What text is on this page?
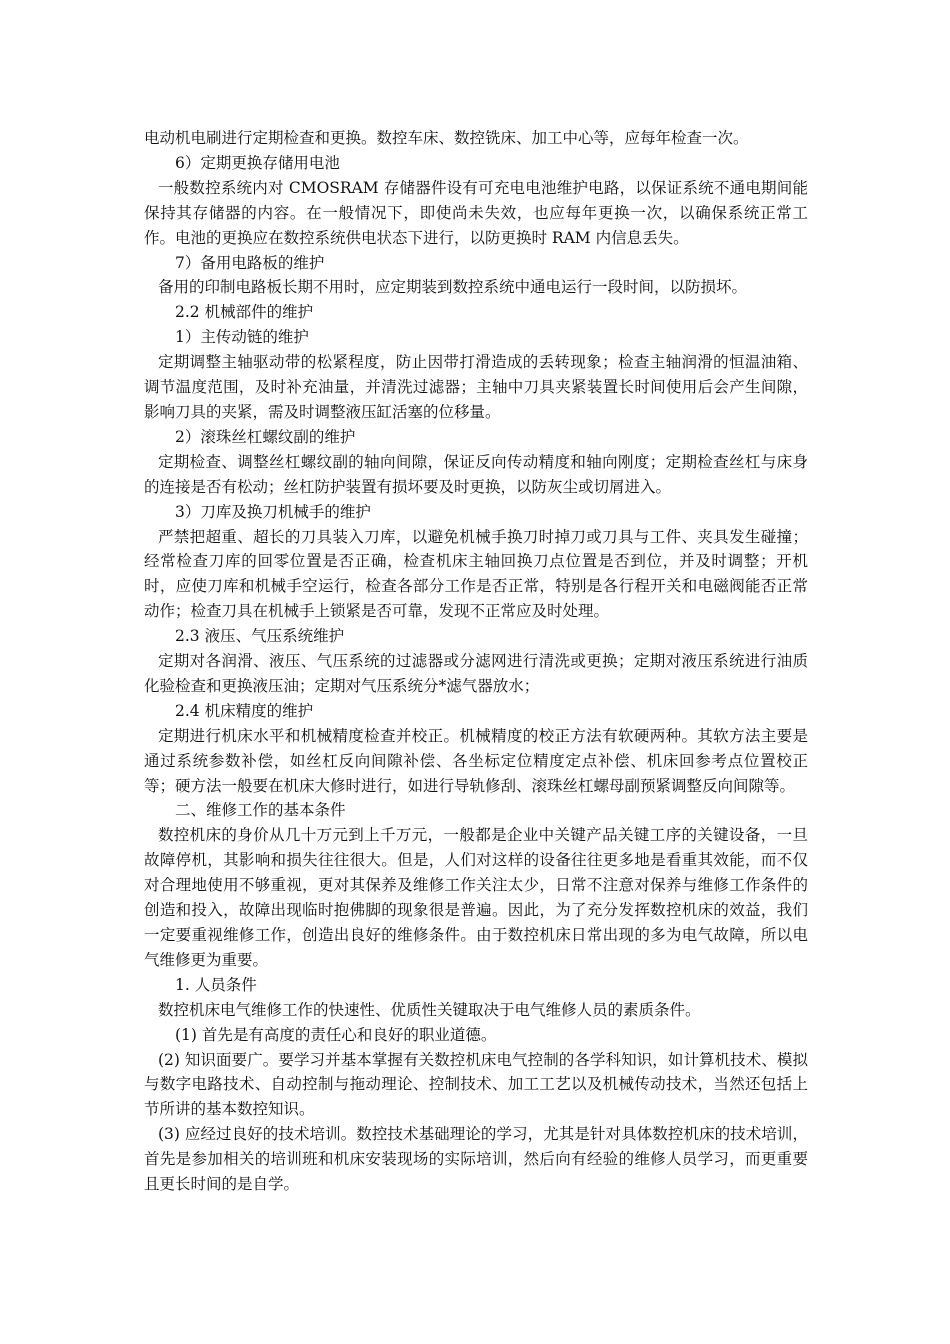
电动机电刷进行定期检查和更换。数控车床、数控铣床、加工中心等，应每年检查一次。

6）定期更换存储用电池

一般数控系统内对 CMOSRAM 存储器件设有可充电电池维护电路，以保证系统不通电期间能保持其存储器的内容。在一般情况下，即使尚未失效，也应每年更换一次，以确保系统正常工作。电池的更换应在数控系统供电状态下进行，以防更换时 RAM 内信息丢失。

7）备用电路板的维护

备用的印制电路板长期不用时，应定期装到数控系统中通电运行一段时间，以防损坏。

2.2 机械部件的维护

1）主传动链的维护

定期调整主轴驱动带的松紧程度，防止因带打滑造成的丢转现象；检查主轴润滑的恒温油箱、调节温度范围，及时补充油量，并清洗过滤器；主轴中刀具夹紧装置长时间使用后会产生间隙，影响刀具的夹紧，需及时调整液压缸活塞的位移量。

2）滚珠丝杠螺纹副的维护

定期检查、调整丝杠螺纹副的轴向间隙，保证反向传动精度和轴向刚度；定期检查丝杠与床身的连接是否有松动；丝杠防护装置有损坏要及时更换，以防灰尘或切屑进入。

3）刀库及换刀机械手的维护

严禁把超重、超长的刀具装入刀库，以避免机械手换刀时掉刀或刀具与工件、夹具发生碰撞；经常检查刀库的回零位置是否正确，检查机床主轴回换刀点位置是否到位，并及时调整；开机时，应使刀库和机械手空运行，检查各部分工作是否正常，特别是各行程开关和电磁阀能否正常动作；检查刀具在机械手上锁紧是否可靠，发现不正常应及时处理。

2.3 液压、气压系统维护

定期对各润滑、液压、气压系统的过滤器或分滤网进行清洗或更换；定期对液压系统进行油质化验检查和更换液压油；定期对气压系统分*滤气器放水；

2.4 机床精度的维护

定期进行机床水平和机械精度检查并校正。机械精度的校正方法有软硬两种。其软方法主要是通过系统参数补偿，如丝杠反向间隙补偿、各坐标定位精度定点补偿、机床回参考点位置校正等；硬方法一般要在机床大修时进行，如进行导轨修刮、滚珠丝杠螺母副预紧调整反向间隙等。

二、维修工作的基本条件

数控机床的身价从几十万元到上千万元，一般都是企业中关键产品关键工序的关键设备，一旦故障停机，其影响和损失往往很大。但是，人们对这样的设备往往更多地是看重其效能，而不仅对合理地使用不够重视，更对其保养及维修工作关注太少，日常不注意对保养与维修工作条件的创造和投入，故障出现临时抱佛脚的现象很是普遍。因此，为了充分发挥数控机床的效益，我们一定要重视维修工作，创造出良好的维修条件。由于数控机床日常出现的多为电气故障，所以电气维修更为重要。

1. 人员条件

数控机床电气维修工作的快速性、优质性关键取决于电气维修人员的素质条件。

(1) 首先是有高度的责任心和良好的职业道德。

(2) 知识面要广。要学习并基本掌握有关数控机床电气控制的各学科知识，如计算机技术、模拟与数字电路技术、自动控制与拖动理论、控制技术、加工工艺以及机械传动技术，当然还包括上节所讲的基本数控知识。

(3) 应经过良好的技术培训。数控技术基础理论的学习，尤其是针对具体数控机床的技术培训，首先是参加相关的培训班和机床安装现场的实际培训，然后向有经验的维修人员学习，而更重要且更长时间的是自学。
